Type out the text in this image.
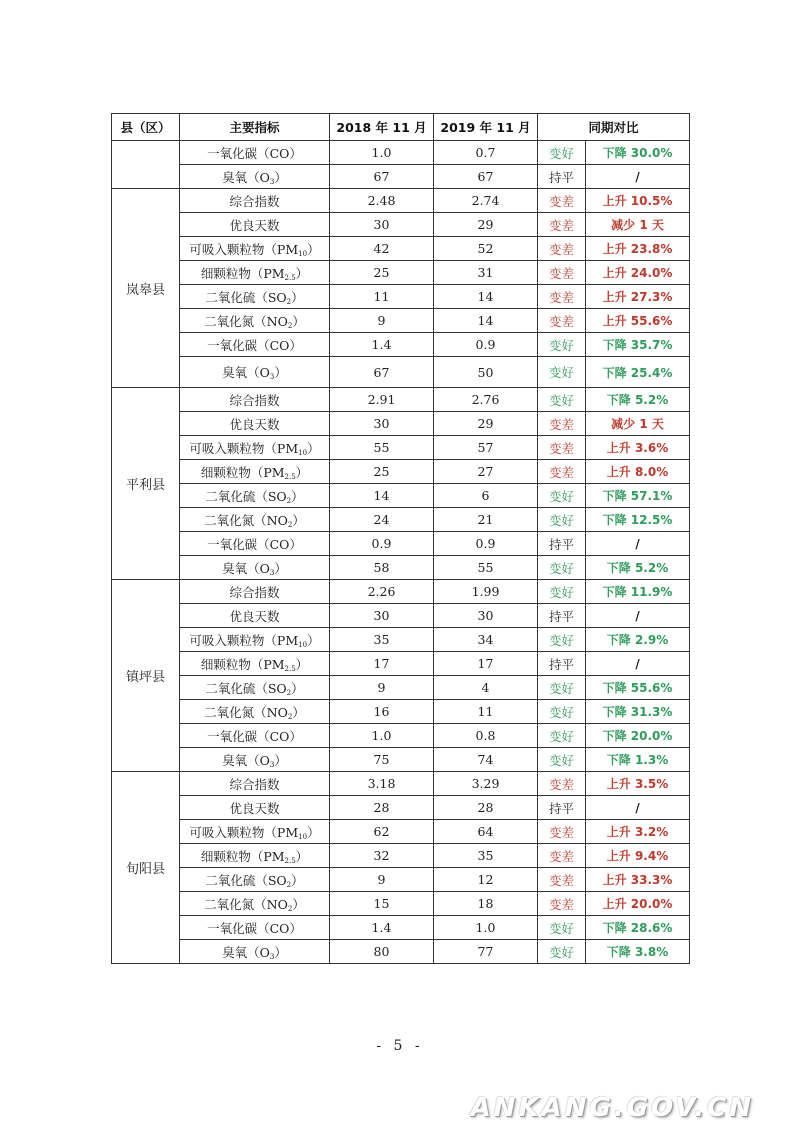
县（区）	主要指标	2018 年 11 月	2019 年 11 月	同期对比	
	一氧化碳（CO）	1.0	0.7	变好	下降 30.0%
	臭氧$(O_3)$	67	67	持平	/
岚皋县	综合指数	2.48	2.74	变差	上升 10.5%
	优良天数	30	29	变差	减少 1 天
	可吸入颗粒物$(PM_{10})$	42	52	变差	上升 23.8%
	细颗粒物$(PM_{2.5})$	25	31	变差	上升 24.0%
	二氧化硫$(SO_2)$	11	14	变差	上升 27.3%
	二氧化氮$(NO_2)$	9	14	变差	上升 55.6%
	一氧化碳（CO）	1.4	0.9	变好	下降 35.7%
	臭氧$(O_3)$	67	50	变好	下降 25.4%
平利县	综合指数	2.91	2.76	变好	下降 5.2%
	优良天数	30	29	变差	减少 1 天
	可吸入颗粒物$(PM_{10})$	55	57	变差	上升 3.6%
	细颗粒物$(PM_{2.5})$	25	27	变差	上升 8.0%
	二氧化硫$(SO_2)$	14	6	变好	下降 57.1%
	二氧化氮$(NO_2)$	24	21	变好	下降 12.5%
	一氧化碳（CO）	0.9	0.9	持平	/
	臭氧$(O_3)$	58	55	变好	下降 5.2%
镇坪县	综合指数	2.26	1.99	变好	下降 11.9%
	优良天数	30	30	持平	/
	可吸入颗粒物$(PM_{10})$	35	34	变好	下降 2.9%
	细颗粒物$(PM_{2.5})$	17	17	持平	/
	二氧化硫$(SO_2)$	9	4	变好	下降 55.6%
	二氧化氮$(NO_2)$	16	11	变好	下降 31.3%
	一氧化碳（CO）	1.0	0.8	变好	下降 20.0%
	臭氧$(O_3)$	75	74	变好	下降 1.3%
旬阳县	综合指数	3.18	3.29	变差	上升 3.5%
	优良天数	28	28	持平	/
	可吸入颗粒物$(PM_{10})$	62	64	变差	上升 3.2%
	细颗粒物$(PM_{2.5})$	32	35	变差	上升 9.4%
	二氧化硫$(SO_2)$	9	12	变差	上升 33.3%
	二氧化氮$(NO_2)$	15	18	变差	上升 20.0%
	一氧化碳（CO）	1.4	1.0	变好	下降 28.6%
	臭氧$(O_3)$	80	77	变好	下降 3.8%
- 5 -
ANKANG.GOV.CN
